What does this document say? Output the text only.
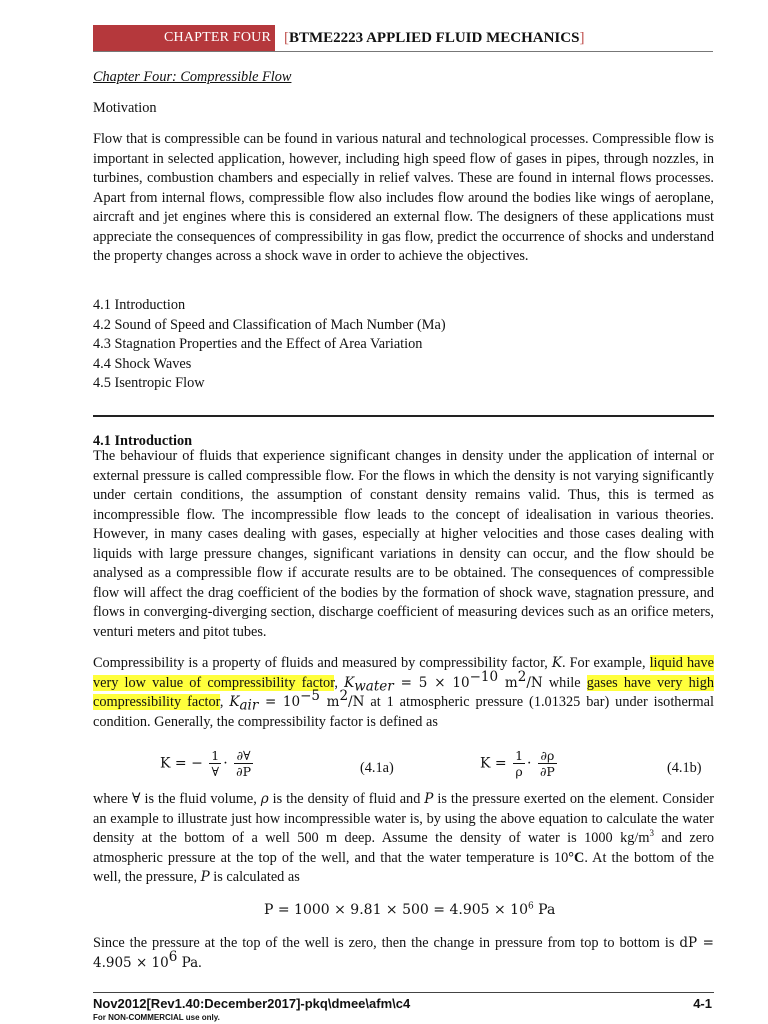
CHAPTER FOUR [BTME2223 APPLIED FLUID MECHANICS]
Chapter Four: Compressible Flow
Motivation
Flow that is compressible can be found in various natural and technological processes. Compressible flow is important in selected application, however, including high speed flow of gases in pipes, through nozzles, in turbines, combustion chambers and especially in relief valves. These are found in internal flows processes. Apart from internal flows, compressible flow also includes flow around the bodies like wings of aeroplane, aircraft and jet engines where this is considered an external flow. The designers of these applications must appreciate the consequences of compressibility in gas flow, predict the occurrence of shocks and understand the property changes across a shock wave in order to achieve the objectives.
4.1 Introduction
4.2 Sound of Speed and Classification of Mach Number (Ma)
4.3 Stagnation Properties and the Effect of Area Variation
4.4 Shock Waves
4.5 Isentropic Flow
4.1 Introduction
The behaviour of fluids that experience significant changes in density under the application of internal or external pressure is called compressible flow. For the flows in which the density is not varying significantly under certain conditions, the assumption of constant density remains valid. Thus, this is termed as incompressible flow. The incompressible flow leads to the concept of idealisation in various theories. However, in many cases dealing with gases, especially at higher velocities and those cases dealing with liquids with large pressure changes, significant variations in density can occur, and the flow should be analysed as a compressible flow if accurate results are to be obtained. The consequences of compressible flow will affect the drag coefficient of the bodies by the formation of shock wave, stagnation pressure, and flows in converging-diverging section, discharge coefficient of measuring devices such as an orifice meters, venturi meters and pitot tubes.
Compressibility is a property of fluids and measured by compressibility factor, K. For example, liquid have very low value of compressibility factor, $K_{water} = 5 \times 10^{-10}$ $m^2/N$ while gases have very high compressibility factor, $K_{air} = 10^{-5}$ $m^2/N$ at 1 atmospheric pressure (1.01325 bar) under isothermal condition. Generally, the compressibility factor is defined as
K = − $\frac{1}{\forall} \cdot \frac{\partial\forall}{\partial P}$	(4.1a)	$K = \frac{1}{\rho} \cdot \frac{\partial\rho}{\partial P}$	(4.1b)
where ∀ is the fluid volume, ρ is the density of fluid and P is the pressure exerted on the element. Consider an example to illustrate just how incompressible water is, by using the above equation to calculate the water density at the bottom of a well 500 m deep. Assume the density of water is 1000 $kg/m^3$ and zero atmospheric pressure at the top of the well, and that the water temperature is 10°C. At the bottom of the well, the pressure, P is calculated as
$P = 1000 \times 9.81 \times 500 = 4.905 \times 10^6$ Pa
Since the pressure at the top of the well is zero, then the change in pressure from top to bottom is dP = $4.905 \times 10^6$ Pa.
Nov2012[Rev1.40:December2017]-pkq\dmee\afm\c4	4-1
For NON-COMMERCIAL use only.
